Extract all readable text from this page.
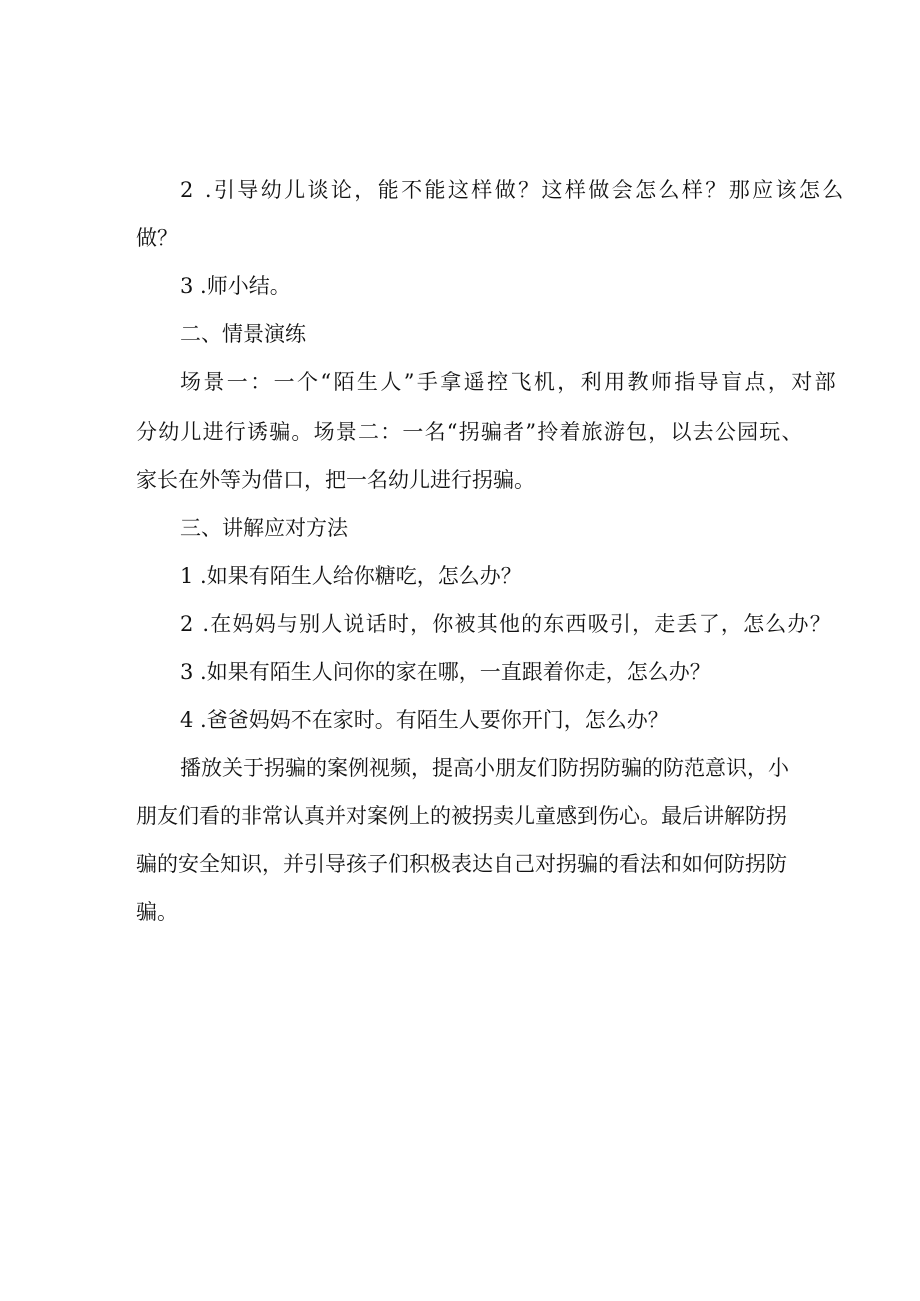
2 .引导幼儿谈论，能不能这样做？这样做会怎么样？那应该怎么

做？

3 .师小结。

二、情景演练

场景一：一个“陌生人”手拿遥控飞机，利用教师指导盲点，对部

分幼儿进行诱骗。场景二：一名“拐骗者”拎着旅游包，以去公园玩、

家长在外等为借口，把一名幼儿进行拐骗。

三、讲解应对方法

1 .如果有陌生人给你糖吃，怎么办？

2 .在妈妈与别人说话时，你被其他的东西吸引，走丢了，怎么办？

3 .如果有陌生人问你的家在哪，一直跟着你走，怎么办？

4 .爸爸妈妈不在家时。有陌生人要你开门，怎么办？

播放关于拐骗的案例视频，提高小朋友们防拐防骗的防范意识，小

朋友们看的非常认真并对案例上的被拐卖儿童感到伤心。最后讲解防拐

骗的安全知识，并引导孩子们积极表达自己对拐骗的看法和如何防拐防

骗。
